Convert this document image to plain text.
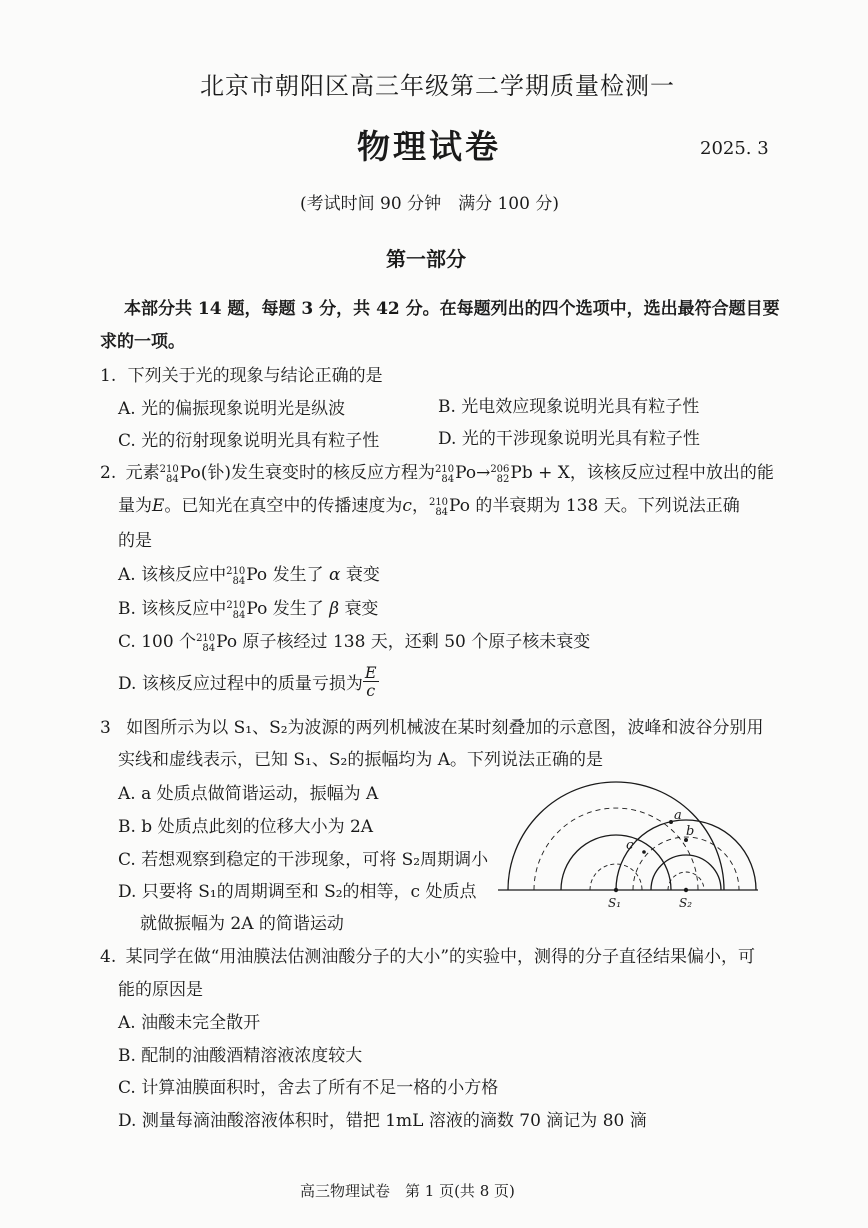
北京市朝阳区高三年级第二学期质量检测一
物理试卷	2025. 3
(考试时间 90 分钟　满分 100 分)
第一部分
本部分共 14 题，每题 3 分，共 42 分。在每题列出的四个选项中，选出最符合题目要
求的一项。
1. 下列关于光的现象与结论正确的是
A. 光的偏振现象说明光是纵波	B. 光电效应现象说明光具有粒子性
C. 光的衍射现象说明光具有粒子性	D. 光的干涉现象说明光具有粒子性
2. 元素 $^{210 84}$ Po(钋)发生衰变时的核反应方程为 $^{210 84}$ Po→ $^{206 82}$ Pb + X，该核反应过程中放出的能
量为E。已知光在真空中的传播速度为c， $^{210 84}$ Po 的半衰期为 138 天。下列说法正确
的是
A. 该核反应中 $^{210 84}$ Po 发生了 α 衰变
B. 该核反应中 $^{210 84}$ Po 发生了 β 衰变
C. 100 个 $^{210 84}$ Po 原子核经过 138 天，还剩 50 个原子核未衰变
D. 该核反应过程中的质量亏损为 $\frac{E}{c}$
3 如图所示为以 S₁、S₂为波源的两列机械波在某时刻叠加的示意图，波峰和波谷分别用
实线和虚线表示，已知 S₁、S₂的振幅均为 A。下列说法正确的是
A. a 处质点做简谐运动，振幅为 A
B. b 处质点此刻的位移大小为 2A
C. 若想观察到稳定的干涉现象，可将 S₂周期调小
D. 只要将 S₁的周期调至和 S₂的相等，c 处质点
就做振幅为 2A 的简谐运动
a
b
c
S₁	S₂
4. 某同学在做“用油膜法估测油酸分子的大小”的实验中，测得的分子直径结果偏小，可
能的原因是
A. 油酸未完全散开
B. 配制的油酸酒精溶液浓度较大
C. 计算油膜面积时，舍去了所有不足一格的小方格
D. 测量每滴油酸溶液体积时，错把 1mL 溶液的滴数 70 滴记为 80 滴
高三物理试卷　第 1 页(共 8 页)
